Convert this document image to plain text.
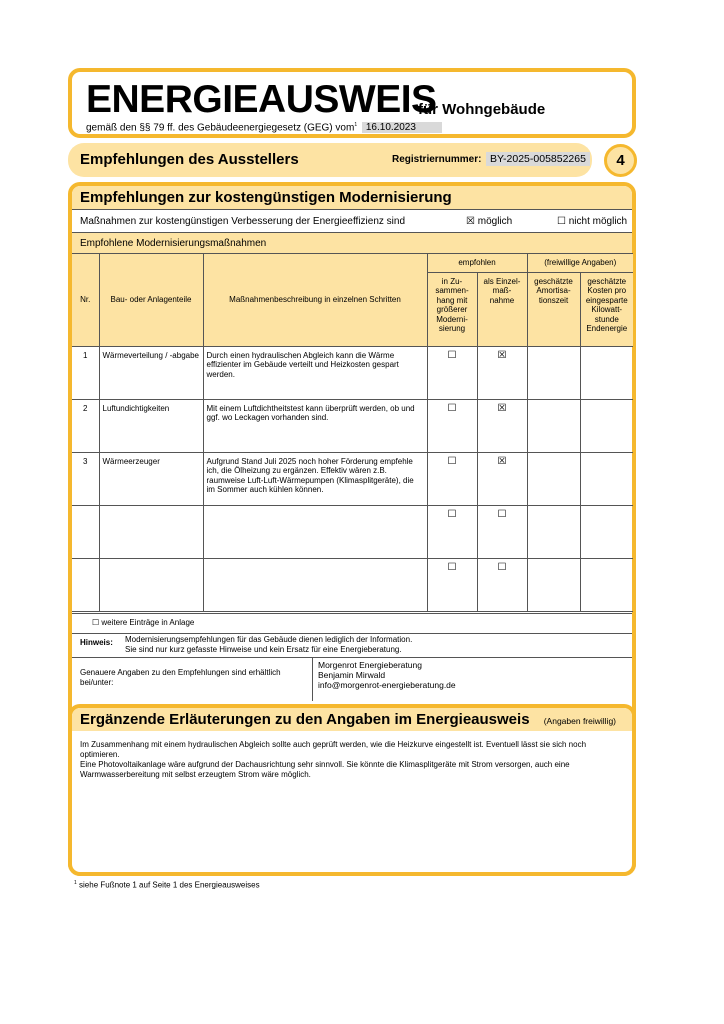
ENERGIEAUSWEIS
für Wohngebäude
gemäß den §§ 79 ff. des Gebäudeenergiegesetz (GEG) vom$^1$ 16.10.2023
Empfehlungen des Ausstellers	Registriernummer: BY-2025-005852265	4
Empfehlungen zur kostengünstigen Modernisierung
Maßnahmen zur kostengünstigen Verbesserung der Energieeffizienz sind	☒ möglich	☐ nicht möglich
Empfohlene Modernisierungsmaßnahmen
Nr.	Bau- oder Anlagenteile	Maßnahmenbeschreibung in einzelnen Schritten	empfohlen		(freiwillige Angaben)	
			in Zu-sammen-hang mit größerer Moderni-sierung	als Einzel-maß-nahme	geschätzte Amortisa-tionszeit	geschätzte Kosten pro eingesparte Kilowatt-stunde Endenergie
1	Wärmeverteilung / -abgabe	Durch einen hydraulischen Abgleich kann die Wärme effizienter im Gebäude verteilt und Heizkosten gespart werden.	☐	☒		
2	Luftundichtigkeiten	Mit einem Luftdichtheitstest kann überprüft werden, ob und ggf. wo Leckagen vorhanden sind.	☐	☒		
3	Wärmeerzeuger	Aufgrund Stand Juli 2025 noch hoher Förderung empfehle ich, die Ölheizung zu ergänzen. Effektiv wären z.B. raumweise Luft-Luft-Wärmepumpen (Klimasplitgeräte), die im Sommer auch kühlen können.	☐	☒		
			☐	☐		
			☐	☐		
☐ weitere Einträge in Anlage
Hinweis: Modernisierungsempfehlungen für das Gebäude dienen lediglich der Information.
Sie sind nur kurz gefasste Hinweise und kein Ersatz für eine Energieberatung.
Genauere Angaben zu den Empfehlungen sind erhältlich bei/unter:
Morgenrot Energieberatung
Benjamin Mirwald
info@morgenrot-energieberatung.de
Ergänzende Erläuterungen zu den Angaben im Energieausweis (Angaben freiwillig)
Im Zusammenhang mit einem hydraulischen Abgleich sollte auch geprüft werden, wie die Heizkurve eingestellt ist. Eventuell lässt sie sich noch optimieren.
Eine Photovoltaikanlage wäre aufgrund der Dachausrichtung sehr sinnvoll. Sie könnte die Klimasplitgeräte mit Strom versorgen, auch eine Warmwasserbereitung mit selbst erzeugtem Strom wäre möglich.
$^1$ siehe Fußnote 1 auf Seite 1 des Energieausweises
